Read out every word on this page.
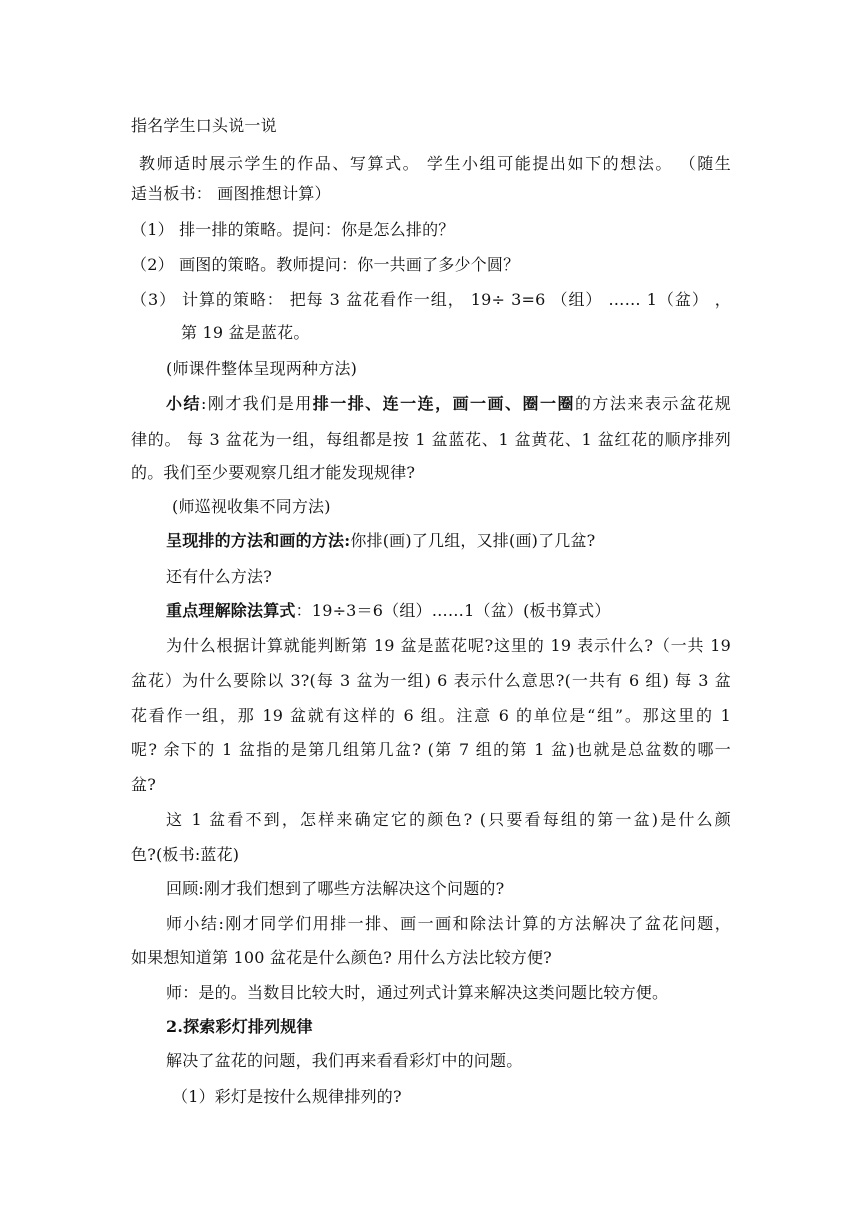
指名学生口头说一说
教师适时展示学生的作品、写算式。 学生小组可能提出如下的想法。 （随生
适当板书： 画图推想计算）
（1） 排一排的策略。提问：你是怎么排的？
（2） 画图的策略。教师提问：你一共画了多少个圆？
（3） 计算的策略： 把每 3 盆花看作一组， 19÷ 3=6 （组） …… 1（盆） ，
第 19 盆是蓝花。
(师课件整体呈现两种方法)
小结:刚才我们是用排一排、连一连，画一画、圈一圈的方法来表示盆花规
律的。 每 3 盆花为一组，每组都是按 1 盆蓝花、1 盆黄花、1 盆红花的顺序排列
的。我们至少要观察几组才能发现规律?
(师巡视收集不同方法)
呈现排的方法和画的方法:你排(画)了几组，又排(画)了几盆?
还有什么方法?
重点理解除法算式：19÷3＝6（组）……1（盆）(板书算式）
为什么根据计算就能判断第 19 盆是蓝花呢?这里的 19 表示什么?（一共 19
盆花）为什么要除以 3?(每 3 盆为一组) 6 表示什么意思?(一共有 6 组) 每 3 盆
花看作一组，那 19 盆就有这样的 6 组。注意 6 的单位是“组”。那这里的 1
呢? 余下的 1 盆指的是第几组第几盆? (第 7 组的第 1 盆)也就是总盆数的哪一
盆?
这 1 盆看不到，怎样来确定它的颜色? (只要看每组的第一盆)是什么颜
色?(板书:蓝花)
回顾:刚才我们想到了哪些方法解决这个问题的?
师小结:刚才同学们用排一排、画一画和除法计算的方法解决了盆花问题，
如果想知道第 100 盆花是什么颜色? 用什么方法比较方便?
师：是的。当数目比较大时，通过列式计算来解决这类问题比较方便。
2.探索彩灯排列规律
解决了盆花的问题，我们再来看看彩灯中的问题。
（1）彩灯是按什么规律排列的?
